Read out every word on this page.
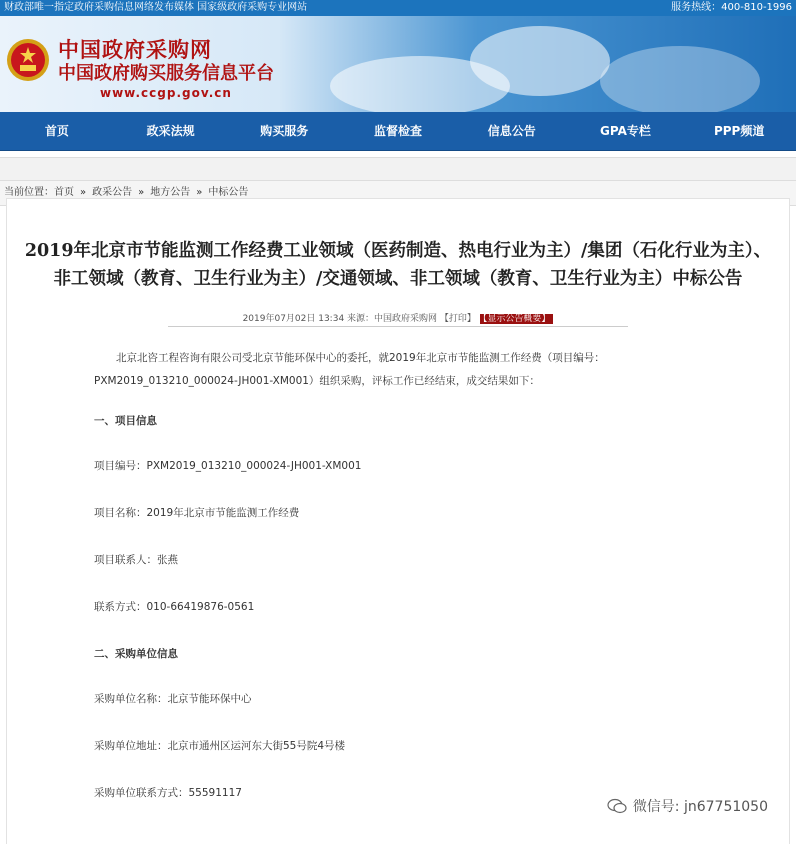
财政部唯一指定政府采购信息网络发布媒体 国家级政府采购专业网站	服务热线：400-810-1996
中国政府采购网
中国政府购买服务信息平台
www.ccgp.gov.cn
首页	政采法规	购买服务	监督检查	信息公告	GPA专栏	PPP频道
当前位置：首页 » 政采公告 » 地方公告 » 中标公告
2019年北京市节能监测工作经费工业领域（医药制造、热电行业为主）/集团（石化行业为主）、非工领域（教育、卫生行业为主）/交通领域、非工领域（教育、卫生行业为主）中标公告
2019年07月02日 13:34 来源：中国政府采购网 【打印】 【显示公告概要】

北京北咨工程咨询有限公司受北京节能环保中心的委托，就2019年北京市节能监测工作经费（项目编号：PXM2019_013210_000024-JH001-XM001）组织采购，评标工作已经结束，成交结果如下：

一、项目信息

项目编号：PXM2019_013210_000024-JH001-XM001

项目名称：2019年北京市节能监测工作经费

项目联系人：张燕

联系方式：010-66419876-0561

二、采购单位信息

采购单位名称：北京节能环保中心

采购单位地址：北京市通州区运河东大街55号院4号楼

采购单位联系方式：55591117

微信号: jn67751050
